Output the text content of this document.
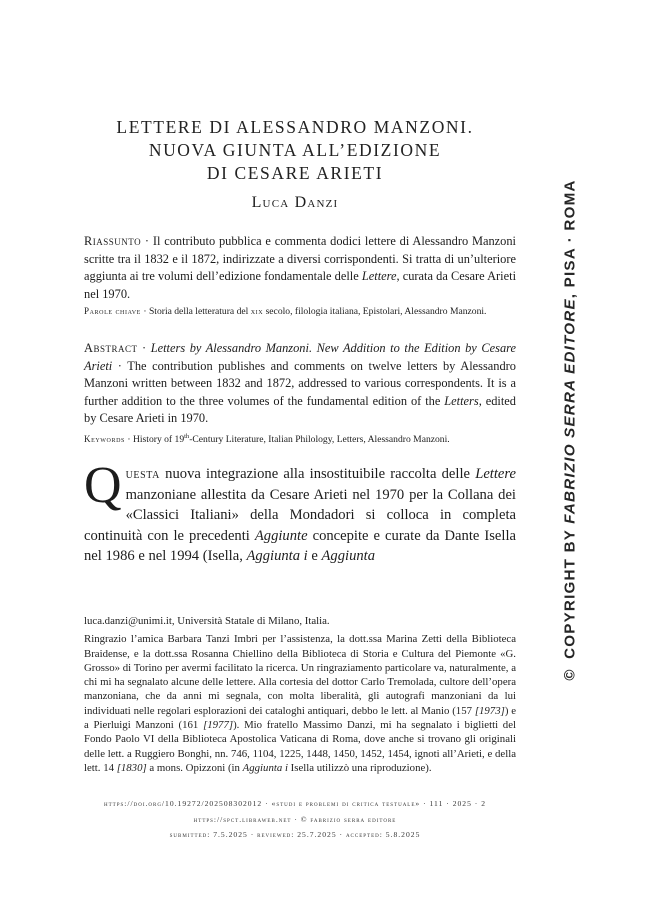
LETTERE DI ALESSANDRO MANZONI.
NUOVA GIUNTA ALL’EDIZIONE
DI CESARE ARIETI
Luca Danzi
Riassunto · Il contributo pubblica e commenta dodici lettere di Alessandro Manzoni scritte tra il 1832 e il 1872, indirizzate a diversi corrispondenti. Si tratta di un’ulteriore aggiunta ai tre volumi dell’edizione fondamentale delle Lettere, curata da Cesare Arieti nel 1970.
Parole chiave · Storia della letteratura del xix secolo, filologia italiana, Epistolari, Alessandro Manzoni.
Abstract · Letters by Alessandro Manzoni. New Addition to the Edition by Cesare Arieti · The contribution publishes and comments on twelve letters by Alessandro Manzoni written between 1832 and 1872, addressed to various correspondents. It is a further addition to the three volumes of the fundamental edition of the Letters, edited by Cesare Arieti in 1970.
Keywords · History of 19th-Century Literature, Italian Philology, Letters, Alessandro Manzoni.
Questa nuova integrazione alla insostituibile raccolta delle Lettere manzoniane allestita da Cesare Arieti nel 1970 per la Collana dei «Classici Italiani» della Mondadori si colloca in completa continuità con le precedenti Aggiunte concepite e curate da Dante Isella nel 1986 e nel 1994 (Isella, Aggiunta i e Aggiunta

luca.danzi@unimi.it, Università Statale di Milano, Italia.

Ringrazio l’amica Barbara Tanzi Imbri per l’assistenza, la dott.ssa Marina Zetti della Biblioteca Braidense, e la dott.ssa Rosanna Chiellino della Biblioteca di Storia e Cultura del Piemonte «G. Grosso» di Torino per avermi facilitato la ricerca. Un ringraziamento particolare va, naturalmente, a chi mi ha segnalato alcune delle lettere. Alla cortesia del dottor Carlo Tremolada, cultore dell’opera manzoniana, che da anni mi segnala, con molta liberalità, gli autografi manzoniani da lui individuati nelle regolari esplorazioni dei cataloghi antiquari, debbo le lett. al Manio (157 [1973]) e a Pierluigi Manzoni (161 [1977]). Mio fratello Massimo Danzi, mi ha segnalato i biglietti del Fondo Paolo VI della Biblioteca Apostolica Vaticana di Roma, dove anche si trovano gli originali delle lett. a Ruggiero Bonghi, nn. 746, 1104, 1225, 1448, 1450, 1452, 1454, ignoti all’Arieti, e della lett. 14 [1830] a mons. Opizzoni (in Aggiunta i Isella utilizzò una riproduzione).

https://doi.org/10.19272/202508302012 · «studi e problemi di critica testuale» · 111 · 2025 · 2
https://spct.libraweb.net · © fabrizio serra editore
submitted: 7.5.2025 · reviewed: 25.7.2025 · accepted: 5.8.2025
© COPYRIGHT BY FABRIZIO SERRA EDITORE, PISA · ROMA
